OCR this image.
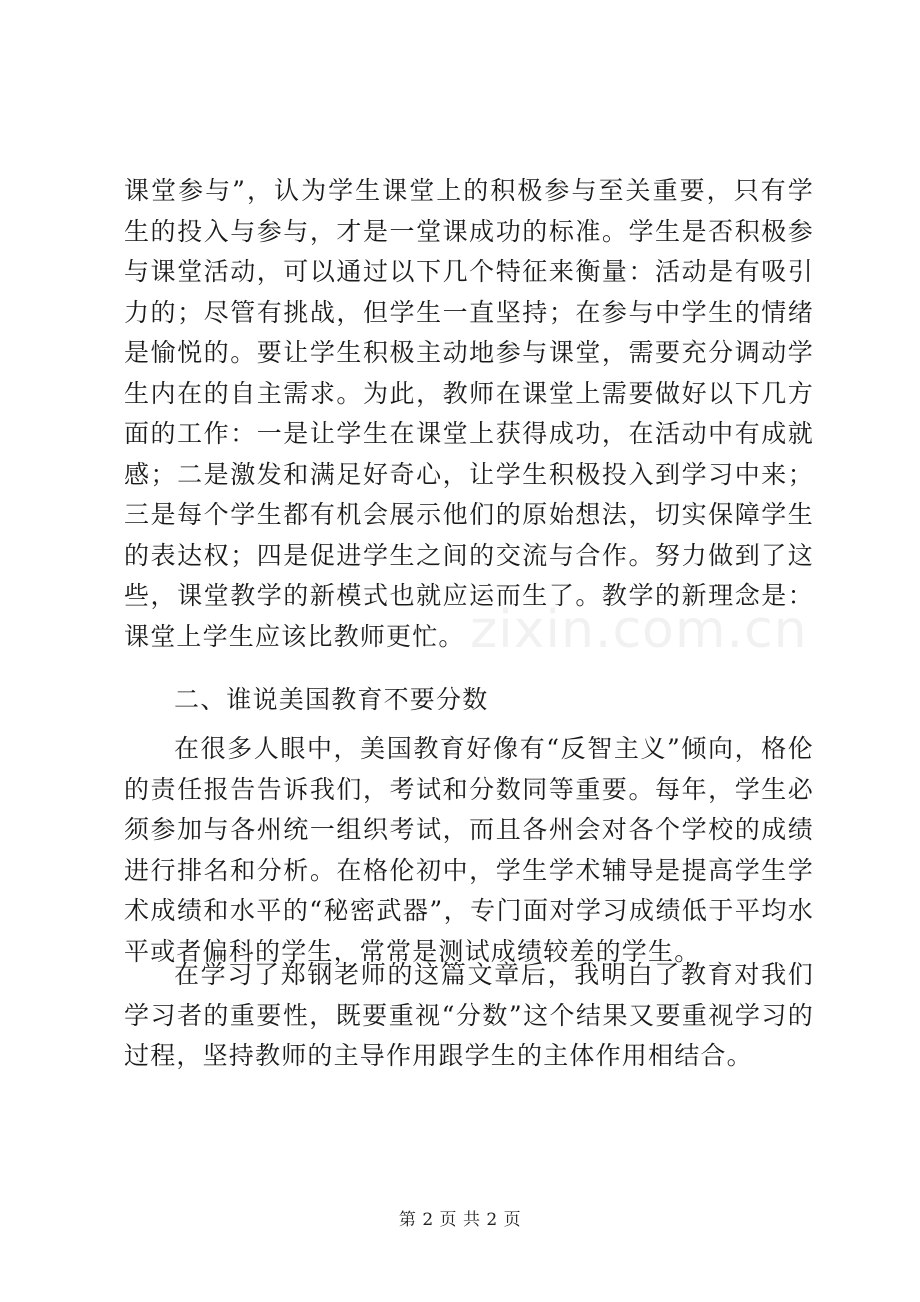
课堂参与”，认为学生课堂上的积极参与至关重要，只有学生的投入与参与，才是一堂课成功的标准。学生是否积极参与课堂活动，可以通过以下几个特征来衡量：活动是有吸引力的；尽管有挑战，但学生一直坚持；在参与中学生的情绪是愉悦的。要让学生积极主动地参与课堂，需要充分调动学生内在的自主需求。为此，教师在课堂上需要做好以下几方面的工作：一是让学生在课堂上获得成功，在活动中有成就感；二是激发和满足好奇心，让学生积极投入到学习中来；三是每个学生都有机会展示他们的原始想法，切实保障学生的表达权；四是促进学生之间的交流与合作。努力做到了这些，课堂教学的新模式也就应运而生了。教学的新理念是：课堂上学生应该比教师更忙。

二、谁说美国教育不要分数

在很多人眼中，美国教育好像有“反智主义”倾向，格伦的责任报告告诉我们，考试和分数同等重要。每年，学生必须参加与各州统一组织考试，而且各州会对各个学校的成绩进行排名和分析。在格伦初中，学生学术辅导是提高学生学术成绩和水平的“秘密武器”，专门面对学习成绩低于平均水平或者偏科的学生，常常是测试成绩较差的学生。

在学习了郑钢老师的这篇文章后，我明白了教育对我们学习者的重要性，既要重视“分数”这个结果又要重视学习的过程，坚持教师的主导作用跟学生的主体作用相结合。

zixin.com.cn
第 2 页 共 2 页
